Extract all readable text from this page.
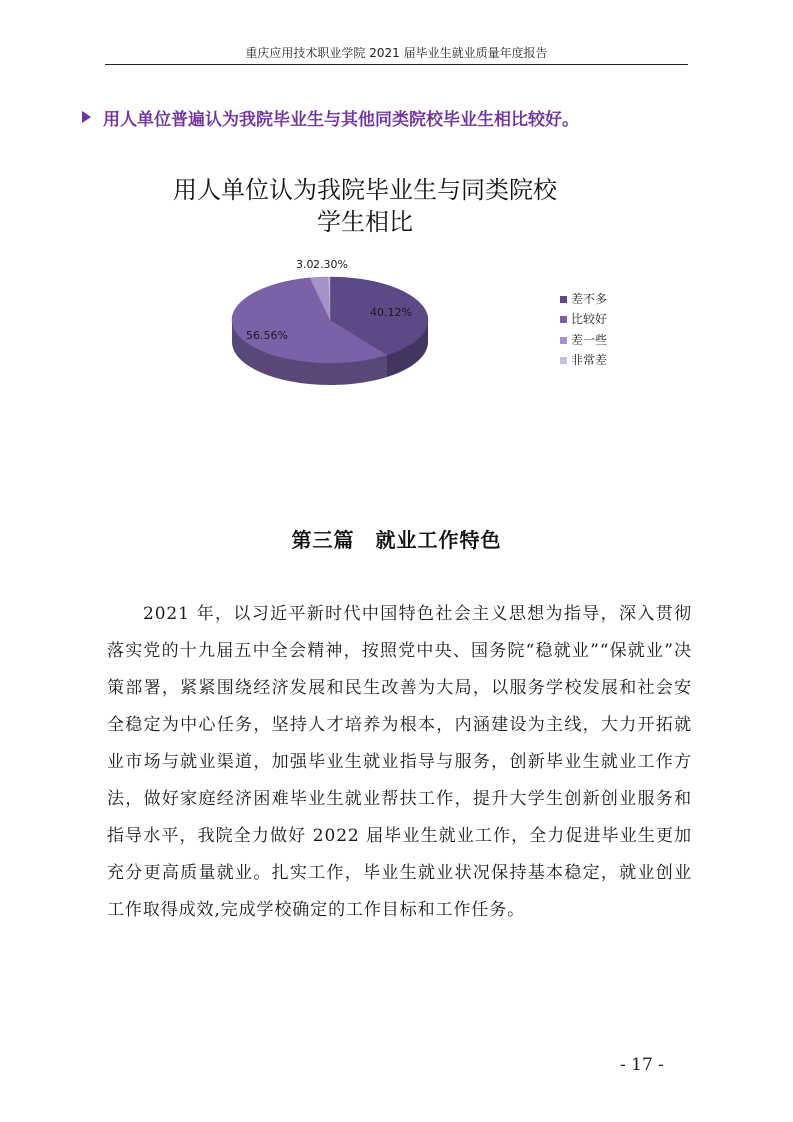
重庆应用技术职业学院 2021 届毕业生就业质量年度报告
用人单位普遍认为我院毕业生与其他同类院校毕业生相比较好。
用人单位认为我院毕业生与同类院校
学生相比
40.12%
56.56%
3.0 2.30%
差不多
比较好
差一些
非常差
第三篇　就业工作特色

2021 年，以习近平新时代中国特色社会主义思想为指导，深入贯彻落实党的十九届五中全会精神，按照党中央、国务院“稳就业”“保就业”决策部署，紧紧围绕经济发展和民生改善为大局，以服务学校发展和社会安全稳定为中心任务，坚持人才培养为根本，内涵建设为主线，大力开拓就业市场与就业渠道，加强毕业生就业指导与服务，创新毕业生就业工作方法，做好家庭经济困难毕业生就业帮扶工作，提升大学生创新创业服务和指导水平，我院全力做好 2022 届毕业生就业工作，全力促进毕业生更加充分更高质量就业。扎实工作，毕业生就业状况保持基本稳定，就业创业工作取得成效,完成学校确定的工作目标和工作任务。

- 17 -
